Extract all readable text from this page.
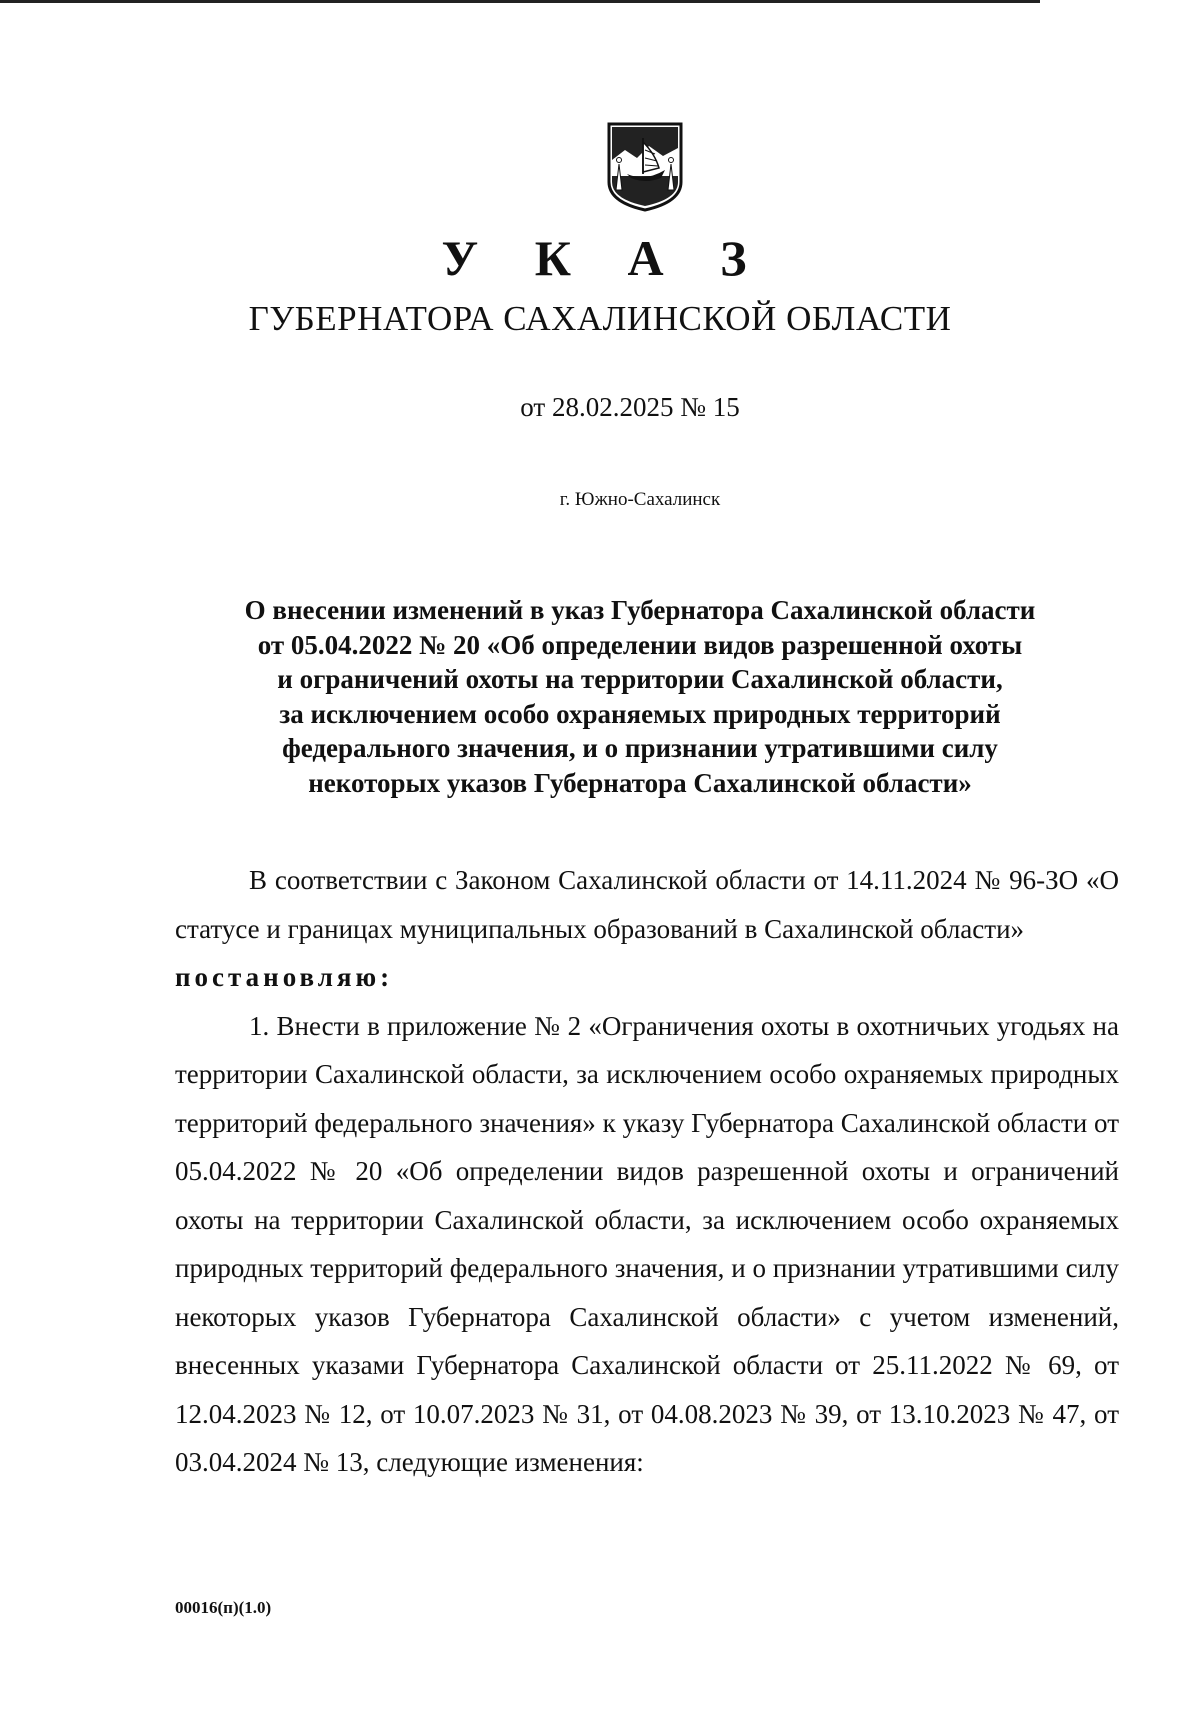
У К А З
ГУБЕРНАТОРА САХАЛИНСКОЙ ОБЛАСТИ
от 28.02.2025 № 15
г. Южно-Сахалинск
О внесении изменений в указ Губернатора Сахалинской области
от 05.04.2022 № 20 «Об определении видов разрешенной охоты
и ограничений охоты на территории Сахалинской области,
за исключением особо охраняемых природных территорий
федерального значения, и о признании утратившими силу
некоторых указов Губернатора Сахалинской области»

В соответствии с Законом Сахалинской области от 14.11.2024 № 96-ЗО «О статусе и границах муниципальных образований в Сахалинской области»

постановляю:

1. Внести в приложение № 2 «Ограничения охоты в охотничьих угодьях на территории Сахалинской области, за исключением особо охраняемых природных территорий федерального значения» к указу Губернатора Сахалинской области от 05.04.2022 № 20 «Об определении видов разрешенной охоты и ограничений охоты на территории Сахалинской области, за исключением особо охраняемых природных территорий федерального значения, и о признании утратившими силу некоторых указов Губернатора Сахалинской области» с учетом изменений, внесенных указами Губернатора Сахалинской области от 25.11.2022 № 69, от 12.04.2023 № 12, от 10.07.2023 № 31, от 04.08.2023 № 39, от 13.10.2023 № 47, от 03.04.2024 № 13, следующие изменения:

00016(п)(1.0)
